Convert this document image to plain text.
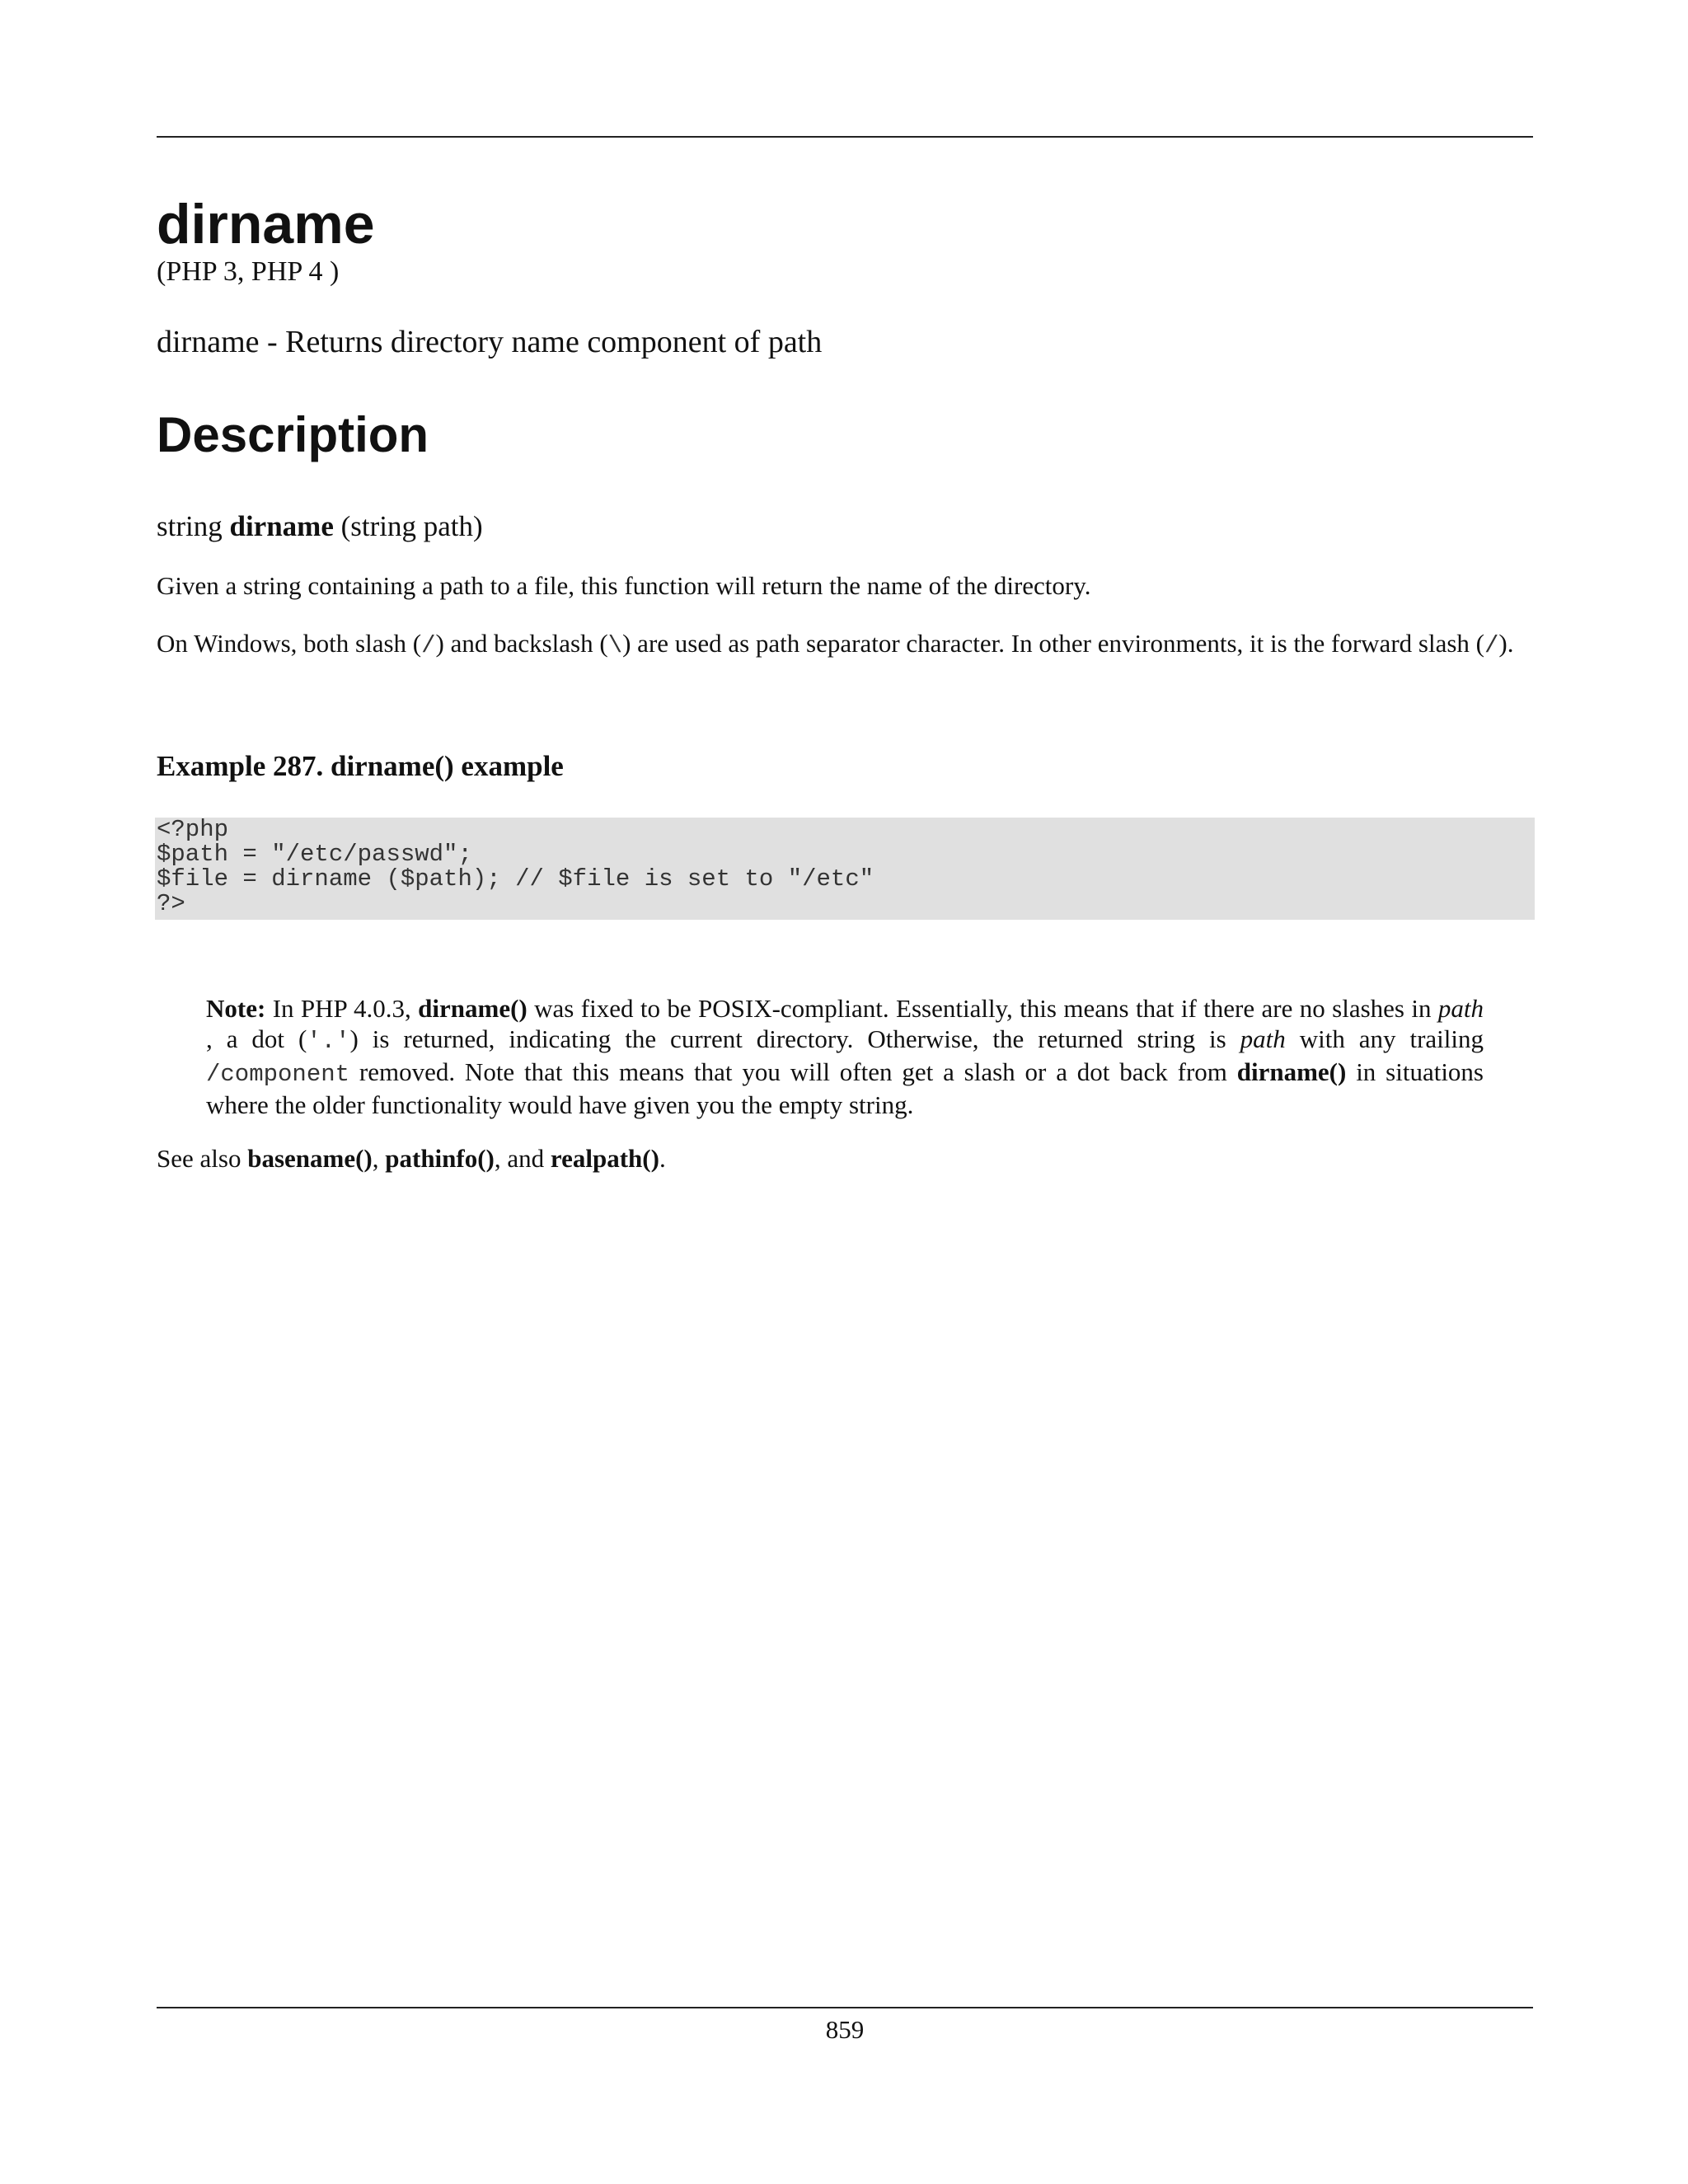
dirname
(PHP 3, PHP 4 )
dirname - Returns directory name component of path
Description
string dirname (string path)
Given a string containing a path to a file, this function will return the name of the directory.
On Windows, both slash (/) and backslash (\) are used as path separator character. In other environments, it is the forward slash (/).
Example 287. dirname() example
<?php
$path = "/etc/passwd";
$file = dirname ($path); // $file is set to "/etc"
?>
Note: In PHP 4.0.3, dirname() was fixed to be POSIX-compliant. Essentially, this means that if there are no slashes in path , a dot ('.') is returned, indicating the current directory. Otherwise, the returned string is path with any trailing /component removed. Note that this means that you will often get a slash or a dot back from dirname() in situations where the older functionality would have given you the empty string.
See also basename(), pathinfo(), and realpath().
859
